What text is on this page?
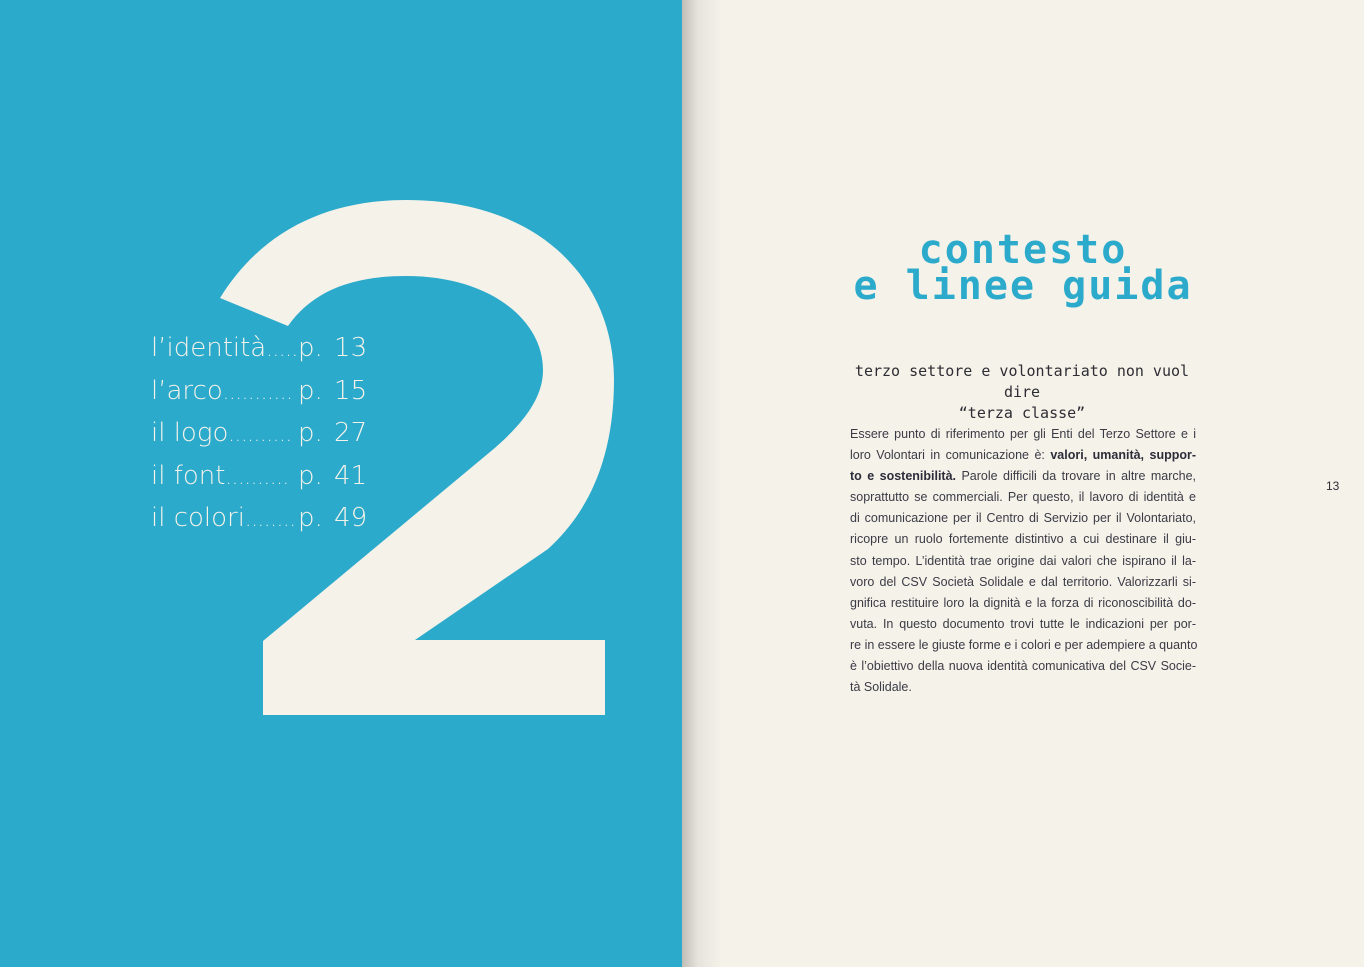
l’identità ..... p. 13
l’arco ........... p. 15
il logo .......... p. 27
il font .......... p. 41
il colori ........ p. 49
contesto
e linee guida
terzo settore e volontariato non vuol dire
“terza classe”

Essere punto di riferimento per gli Enti del Terzo Settore e i
loro Volontari in comunicazione è: valori, umanità, suppor-
to e sostenibilità. Parole difficili da trovare in altre marche,
soprattutto se commerciali. Per questo, il lavoro di identità e
di comunicazione per il Centro di Servizio per il Volontariato,
ricopre un ruolo fortemente distintivo a cui destinare il giu-
sto tempo. L’identità trae origine dai valori che ispirano il la-
voro del CSV Società Solidale e dal territorio. Valorizzarli si-
gnifica restituire loro la dignità e la forza di riconoscibilità do-
vuta. In questo documento trovi tutte le indicazioni per por-
re in essere le giuste forme e i colori e per adempiere a quanto
è l’obiettivo della nuova identità comunicativa del CSV Socie-
tà Solidale.

13
